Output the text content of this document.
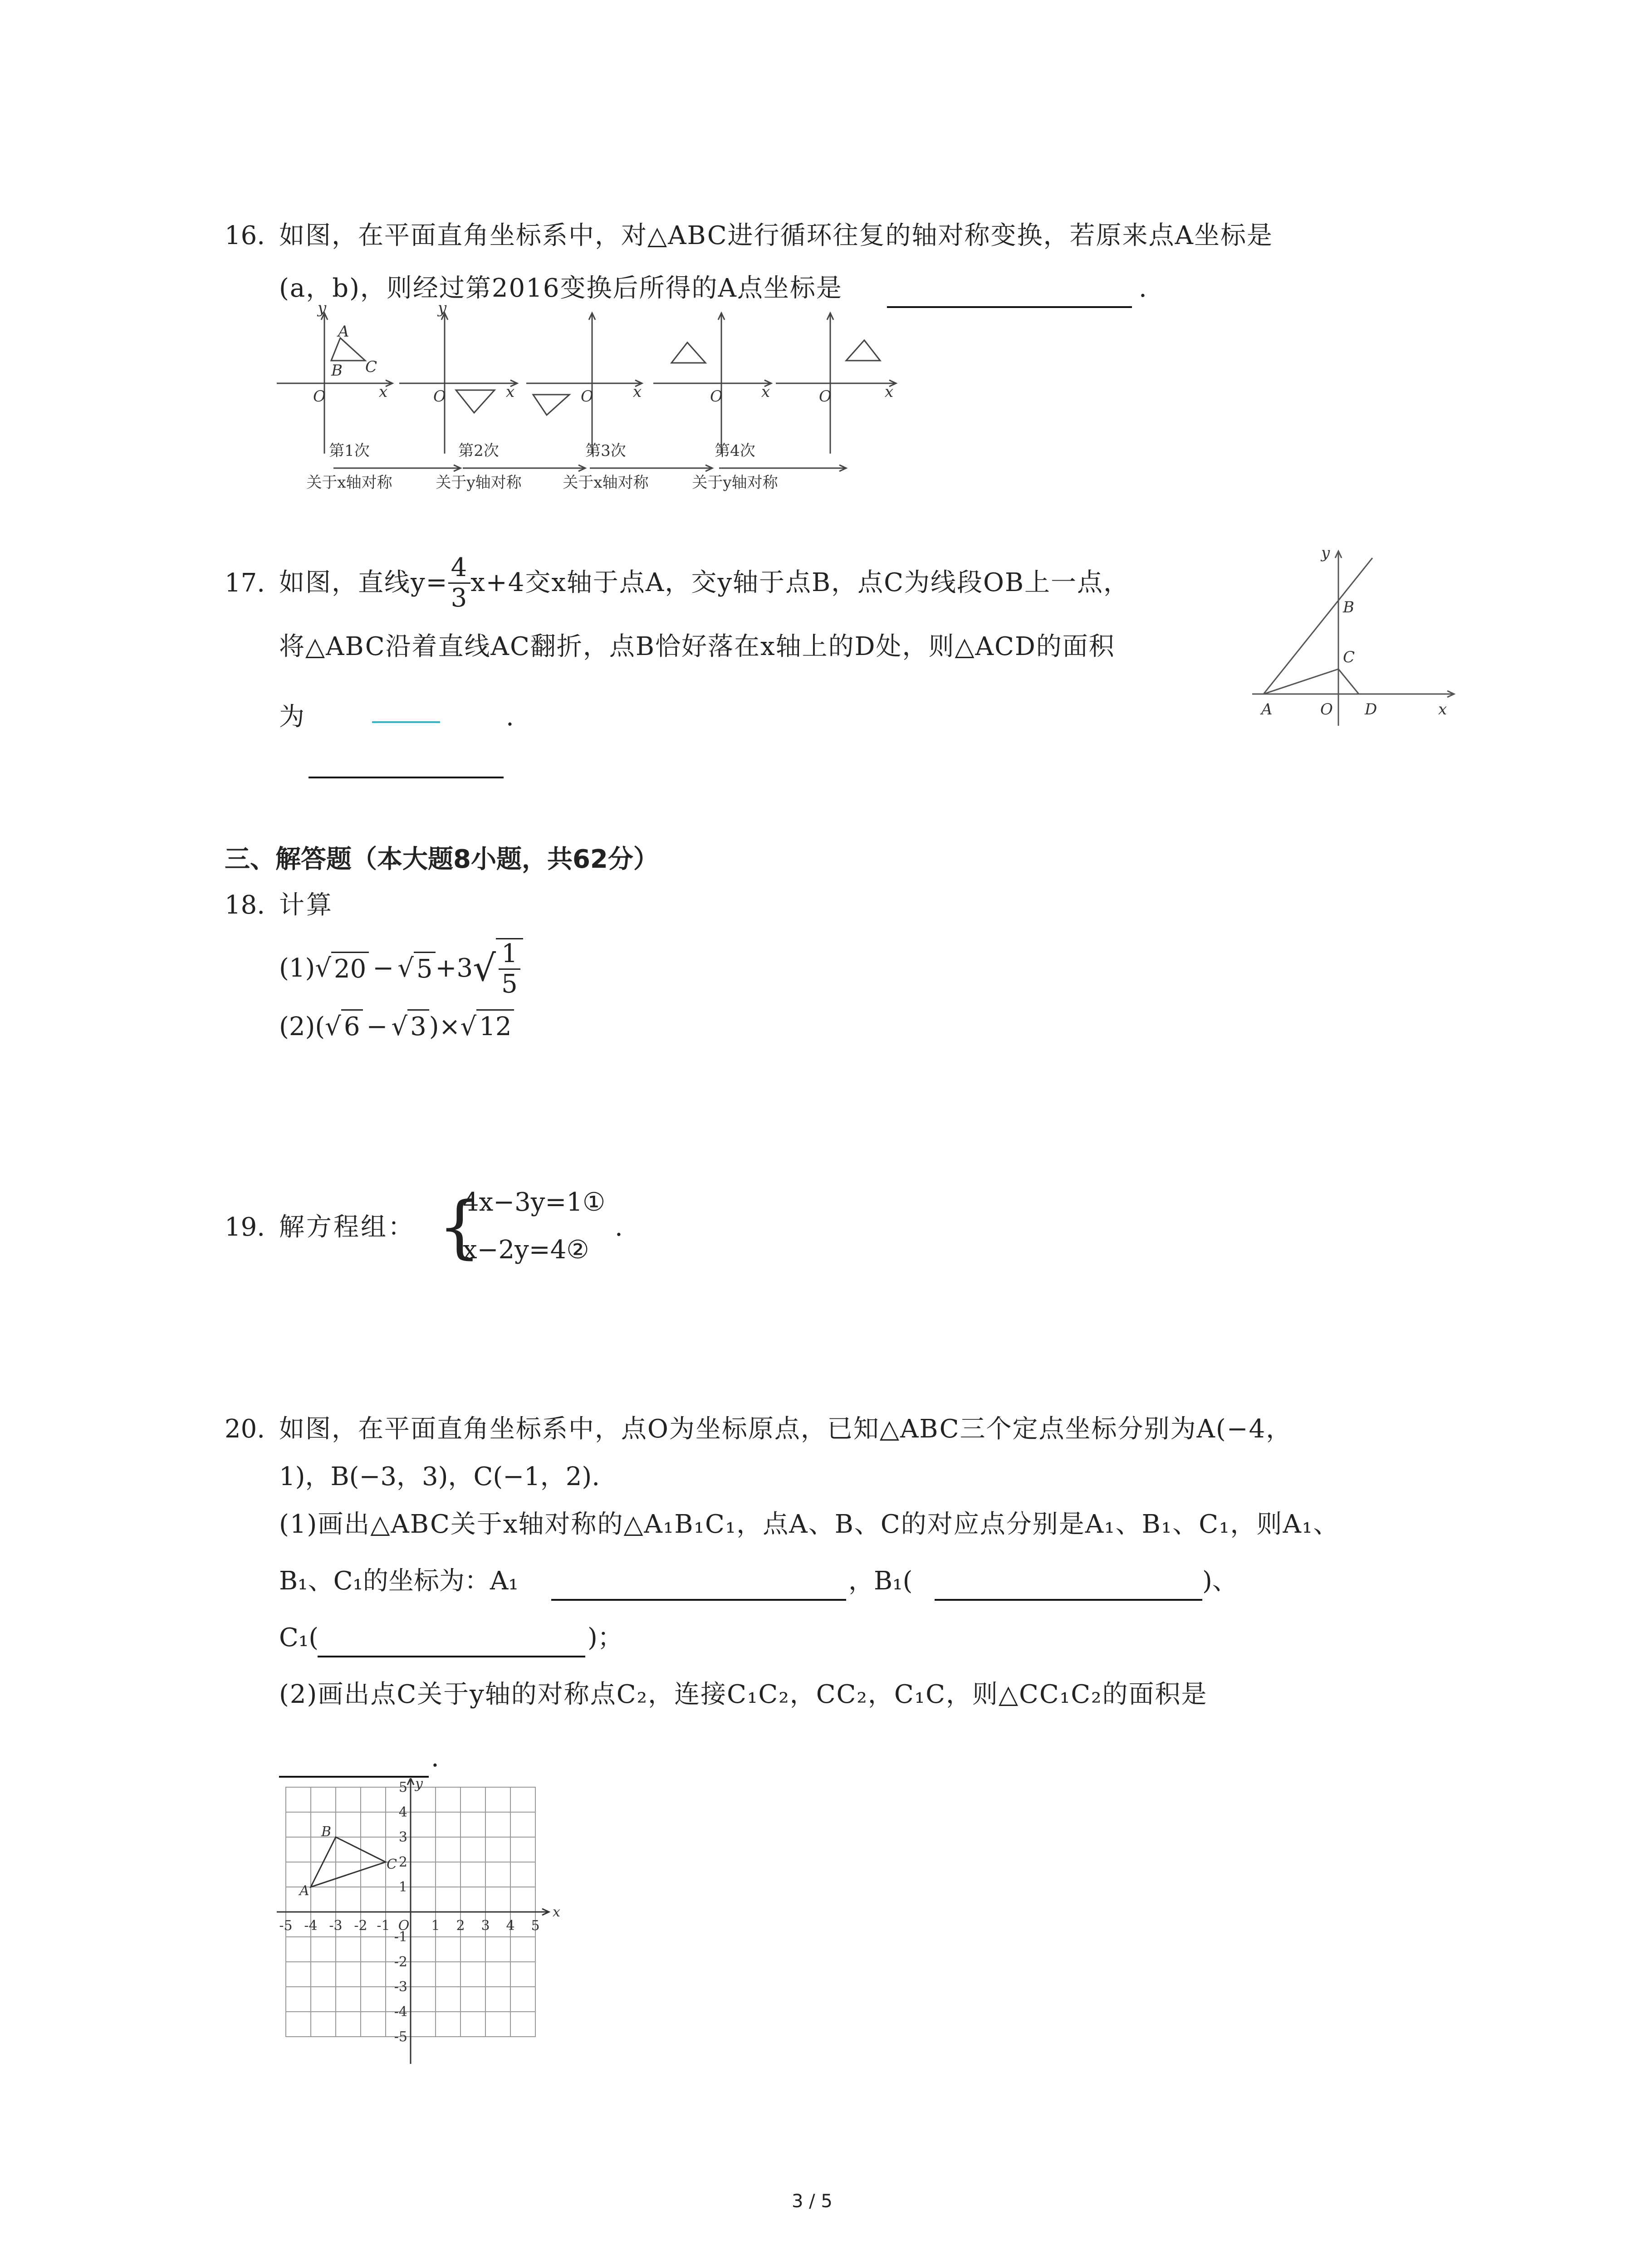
16. 如图，在平面直角坐标系中，对△ABC进行循环往复的轴对称变换，若原来点A坐标是
(a，b)，则经过第2016变换后所得的A点坐标是	.
y
A
B C
O	x
y
O	x	O	x	O	x	O	x
第1次
关于x轴对称
第2次
关于y轴对称
第3次
关于x轴对称
第4次
关于y轴对称
17. 如图，直线$y= \frac{4}{3} x+4$交x轴于点A，交y轴于点B，点C为线段OB上一点，
将△ABC沿着直线AC翻折，点B恰好落在x轴上的D处，则△ACD的面积
为	.
y
B
C
A	O D	x
三、解答题（本大题8小题，共62分）
18. 计算
(1) √ 20 − √ 5 +3 √ $\frac{1}{5}$
(2)(√ 6 − √ 3 )×√ 12
19. 解方程组： {
4x−3y=1①
x−2y=4②
.
20. 如图，在平面直角坐标系中，点O为坐标原点，已知△ABC三个定点坐标分别为A(−4，
1)，B(−3，3)，C(−1，2).
(1)画出△ABC关于x轴对称的△A₁B₁C₁，点A、B、C的对应点分别是A₁、B₁、C₁，则A₁、
B₁、C₁的坐标为：A₁	，B₁(	)、
C₁(	)；
(2)画出点C关于y轴的对称点C₂，连接C₁C₂，CC₂，C₁C，则△CC₁C₂的面积是
.
-5 -4 -3 -2 -1 O 1 2 3 4 5
5
4
3
2
1
-1
-2
-3
-4
-5
x
y
A
B
C
3 / 5
